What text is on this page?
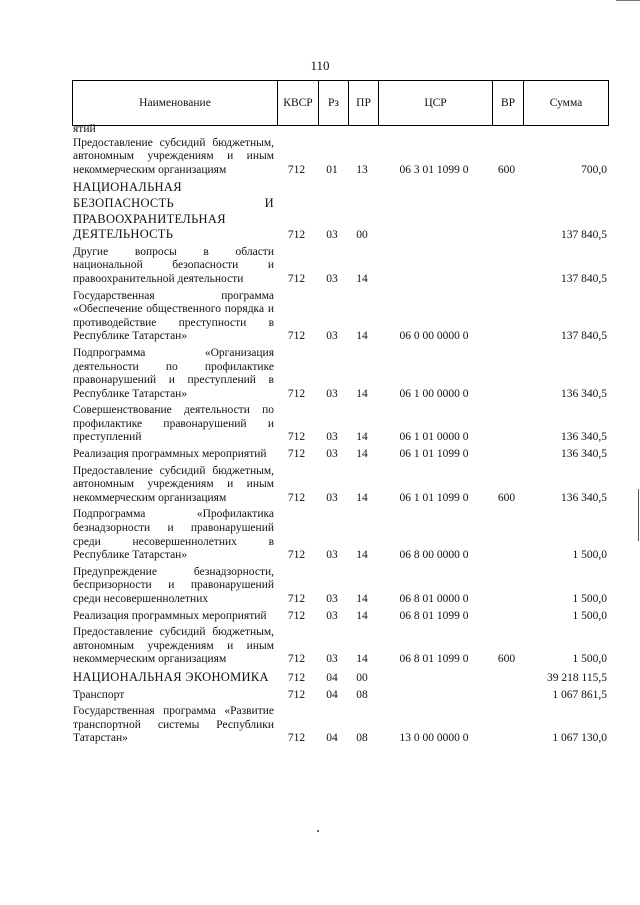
110
Наименование	КВСР	Рз	ПР	ЦСР	ВР	Сумма
ятий						
Предоставление субсидий бюджетным, автономным учреждениям и иным некоммерческим организациям	712	01	13	06 3 01 1099 0	600	700,0
НАЦИОНАЛЬНАЯ БЕЗОПАСНОСТЬ И ПРАВООХРАНИТЕЛЬНАЯ ДЕЯТЕЛЬНОСТЬ	712	03	00			137 840,5
Другие вопросы в области национальной безопасности и правоохранительной деятельности	712	03	14			137 840,5
Государственная программа «Обеспечение общественного порядка и противодействие преступности в Республике Татарстан»	712	03	14	06 0 00 0000 0		137 840,5
Подпрограмма «Организация деятельности по профилактике правонарушений и преступлений в Республике Татарстан»	712	03	14	06 1 00 0000 0		136 340,5
Совершенствование деятельности по профилактике правонарушений и преступлений	712	03	14	06 1 01 0000 0		136 340,5
Реализация программных мероприятий	712	03	14	06 1 01 1099 0		136 340,5
Предоставление субсидий бюджетным, автономным учреждениям и иным некоммерческим организациям	712	03	14	06 1 01 1099 0	600	136 340,5
Подпрограмма «Профилактика безнадзорности и правонарушений среди несовершеннолетних в Республике Татарстан»	712	03	14	06 8 00 0000 0		1 500,0
Предупреждение безнадзорности, беспризорности и правонарушений среди несовершеннолетних	712	03	14	06 8 01 0000 0		1 500,0
Реализация программных мероприятий	712	03	14	06 8 01 1099 0		1 500,0
Предоставление субсидий бюджетным, автономным учреждениям и иным некоммерческим организациям	712	03	14	06 8 01 1099 0	600	1 500,0
НАЦИОНАЛЬНАЯ ЭКОНОМИКА	712	04	00			39 218 115,5
Транспорт	712	04	08			1 067 861,5
Государственная программа «Развитие транспортной системы Республики Татарстан»	712	04	08	13 0 00 0000 0		1 067 130,0
